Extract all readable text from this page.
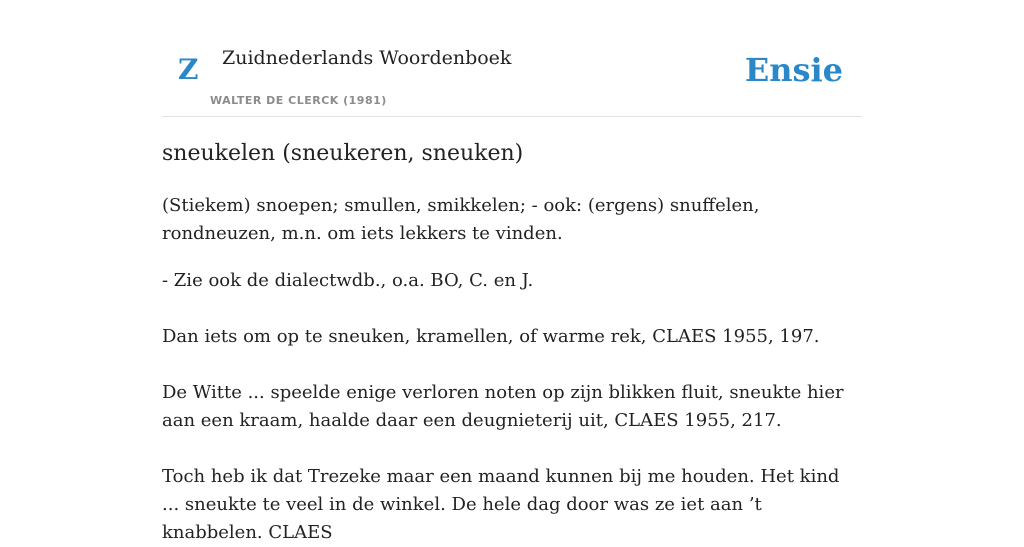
Z Zuidnederlands Woordenboek
WALTER DE CLERCK (1981)
Ensie
sneukelen (sneukeren, sneuken)

(Stiekem) snoepen; smullen, smikkelen; - ook: (ergens) snuffelen, rondneuzen, m.n. om iets lekkers te vinden.

- Zie ook de dialectwdb., o.a. BO, C. en J.

Dan iets om op te sneuken, kramellen, of warme rek, CLAES 1955, 197.

De Witte ... speelde enige verloren noten op zijn blikken fluit, sneukte hier aan een kraam, haalde daar een deugnieterij uit, CLAES 1955, 217.

Toch heb ik dat Trezeke maar een maand kunnen bij me houden. Het kind ... sneukte te veel in de winkel. De hele dag door was ze iet aan ’t knabbelen. CLAES
